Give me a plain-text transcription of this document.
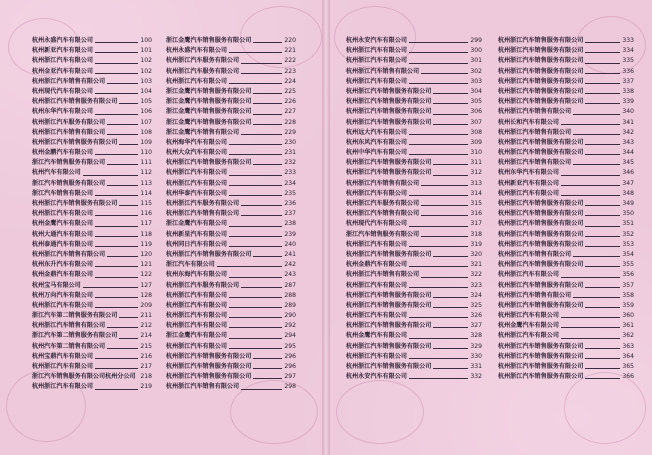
杭州永盛汽车有限公司	100
杭州新亚汽车有限公司	101
杭州浙江汽车有限公司	102
杭州金亚汽车有限公司	102
杭州浙江汽车销售有限公司	103
杭州现代汽车有限公司	104
杭州浙江汽车销售服务有限公司	105
杭州东华汽车有限公司	106
杭州浙江汽车服务有限公司	107
杭州浙江汽车销售有限公司	108
杭州浙江汽车销售服务有限公司	109
杭州金鹏汽车有限公司	110
浙江汽车销售服务有限公司	111
杭州汽车有限公司	112
浙江汽车销售服务有限公司	113
浙江汽车销售有限公司	114
杭州浙江汽车销售服务有限公司	115
杭州浙江汽车有限公司	116
杭州金鹰汽车有限公司	117
杭州大通汽车有限公司	118
杭州泰通汽车有限公司	119
杭州浙江汽车销售有限公司	120
杭州东升汽车有限公司	121
杭州金鼎汽车有限公司	122
杭州宝马有限公司	127
杭州万向汽车有限公司	128
杭州浙江汽车有限公司	209
浙江汽车第二销售服务有限公司	211
杭州浙江汽车销售有限公司	212
浙江汽车第二销售服务有限公司	214
杭州汽车第二销售有限公司	215
杭州宝鼎汽车有限公司	216
杭州浙江汽车有限公司	217
浙江汽车销售服务有限公司杭州分公司 218
杭州浙江汽车有限公司	219
浙江金鹰汽车销售服务有限公司	220
杭州永盛汽车有限公司	221
杭州浙江汽车服务有限公司	222
杭州浙江汽车服务有限公司	223
杭州浙江汽车有限公司	224
浙江金鹰汽车销售服务有限公司	225
浙江金鹰汽车销售服务有限公司	226
浙江金鹰汽车销售服务有限公司	227
浙江金鹰汽车销售服务有限公司	228
浙江金鹰汽车销售有限公司	229
杭州海华汽车有限公司	230
杭州大众汽车有限公司	231
杭州浙江汽车销售服务有限公司	232
杭州浙江汽车有限公司	233
杭州浙江汽车有限公司	234
杭州华泰汽车有限公司	235
杭州浙江汽车服务有限公司	236
杭州浙江汽车销售有限公司	237
浙江金鹰汽车有限公司	238
杭州新星汽车有限公司	239
杭州同日汽车有限公司	240
杭州浙江汽车销售服务有限公司	241
浙江汽车有限公司	242
杭州东海汽车有限公司	243
杭州浙江汽车服务有限公司	287
杭州浙江汽车有限公司	288
杭州浙江汽车有限公司	289
杭州浙江汽车有限公司	290
杭州浙江汽车有限公司	292
浙江金鹰汽车有限公司	294
杭州浙江汽车有限公司	295
杭州浙江汽车销售服务有限公司	296
杭州浙江汽车销售服务有限公司	296
杭州浙江汽车销售服务有限公司	297
杭州浙江汽车销售有限公司	298
杭州永安汽车有限公司	299
杭州浙江汽车有限公司	300
杭州浙江汽车有限公司	301
杭州浙江汽车销售有限公司	302
杭州浙江汽车有限公司	303
杭州浙江汽车销售服务有限公司	304
杭州浙江汽车销售服务有限公司	305
杭州浙江汽车销售服务有限公司	306
杭州浙江汽车销售服务有限公司	307
杭州远大汽车有限公司	308
杭州东风汽车有限公司	309
杭州中华汽车有限公司	310
杭州浙江汽车销售服务有限公司	311
杭州浙江汽车销售服务有限公司	312
杭州浙江汽车销售有限公司	313
杭州浙江汽车有限公司	314
杭州浙江汽车服务有限公司	315
杭州浙江汽车销售有限公司	316
杭州现代汽车有限公司	317
浙江汽车销售服务有限公司	318
杭州浙江汽车有限公司	319
杭州浙江汽车销售服务有限公司	320
杭州金鼎汽车有限公司	321
杭州浙江汽车销售有限公司	322
杭州浙江汽车有限公司	323
杭州浙江汽车销售服务有限公司	324
杭州浙江汽车销售服务有限公司	325
杭州浙江汽车有限公司	326
杭州浙江汽车销售服务有限公司	327
杭州金鹰汽车有限公司	328
杭州浙江汽车销售服务有限公司	329
杭州浙江汽车有限公司	330
杭州浙江汽车销售服务有限公司	331
杭州永安汽车有限公司	332
杭州浙江汽车销售服务有限公司	333
杭州浙江汽车销售服务有限公司	334
杭州浙江汽车销售服务有限公司	335
杭州浙江汽车销售服务有限公司	336
杭州浙江汽车销售服务有限公司	337
杭州浙江汽车销售服务有限公司	338
杭州浙江汽车销售服务有限公司	339
杭州浙江汽车销售有限公司	340
杭州长和汽车有限公司	341
杭州浙江汽车销售有限公司	342
杭州浙江汽车销售服务有限公司	343
杭州浙江汽车销售服务有限公司	344
杭州浙江汽车销售有限公司	345
杭州东华汽车有限公司	346
杭州新亚汽车有限公司	347
杭州浙江汽车有限公司	348
杭州浙江汽车销售服务有限公司	349
杭州浙江汽车销售服务有限公司	350
杭州浙江汽车销售服务有限公司	351
杭州浙江汽车销售服务有限公司	352
杭州浙江汽车销售服务有限公司	353
杭州浙江汽车销售有限公司	354
杭州浙江汽车销售服务有限公司	355
杭州浙江汽车有限公司	356
杭州浙江汽车销售服务有限公司	357
杭州浙江汽车销售有限公司	358
杭州浙江汽车销售服务有限公司	359
杭州浙江汽车有限公司	360
杭州金鹰汽车有限公司	361
杭州浙江汽车有限公司	362
杭州浙江汽车销售服务有限公司	363
杭州浙江汽车销售服务有限公司	364
杭州浙江汽车销售服务有限公司	365
杭州浙江汽车销售服务有限公司	366
